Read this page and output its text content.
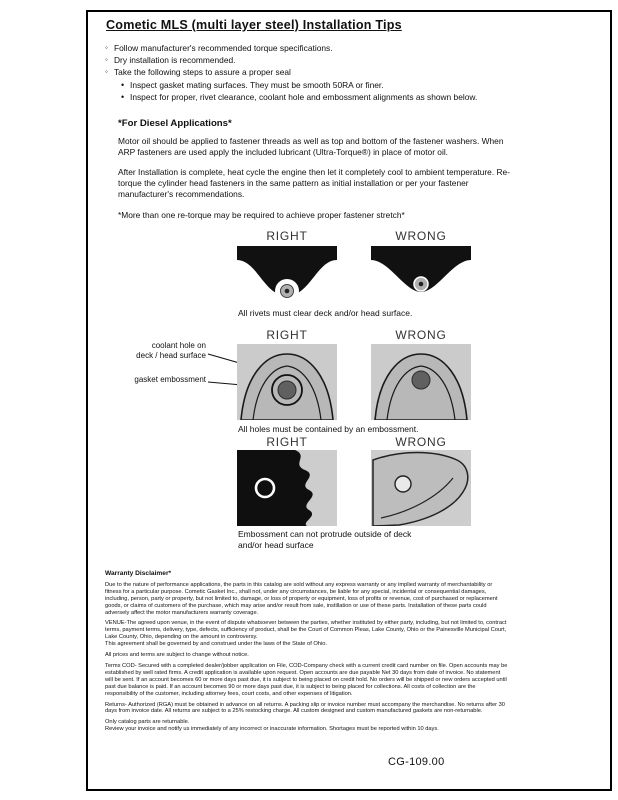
Cometic MLS (multi layer steel) Installation Tips
◦ Follow manufacturer's recommended torque specifications.
◦ Dry installation is recommended.
◦ Take the following steps to assure a proper seal
• Inspect gasket mating surfaces. They must be smooth 50RA or finer.
• Inspect for proper, rivet clearance, coolant hole and embossment alignments as shown below.
*For Diesel Applications*

Motor oil should be applied to fastener threads as well as top and bottom of the fastener washers. When ARP fasteners are used apply the included lubricant (Ultra-Torque®) in place of motor oil.

After Installation is complete, heat cycle the engine then let it completely cool to ambient temperature. Re-torque the cylinder head fasteners in the same pattern as initial installation or per your fastener manufacturer's recommendations.

*More than one re-torque may be required to achieve proper fastener stretch*

RIGHT	WRONG
All rivets must clear deck and/or head surface.
RIGHT	WRONG
coolant hole on
deck / head surface
gasket embossment
All holes must be contained by an embossment.
RIGHT	WRONG
Embossment can not protrude outside of deck
and/or head surface
Warranty Disclaimer*

Due to the nature of performance applications, the parts in this catalog are sold without any express warranty or any implied warranty of merchantability or fitness for a particular purpose. Cometic Gasket Inc., shall not, under any circumstances, be liable for any special, incidental or consequential damages, including, person, party or property, but not limited to, damage, or loss of property or equipment, loss of profits or revenue, cost of purchased or replacement goods, or claims of customers of the purchase, which may arise and/or result from sale, instillation or use of these parts. Installation of these parts could adversely affect the motor manufacturers warranty coverage.

VENUE-The agreed upon venue, in the event of dispute whatsoever between the parties, whether instituted by either party, including, but not limited to, contract terms, payment terms, delivery, type, defects, sufficiency of product, shall be the Court of Common Pleas, Lake County, Ohio or the Painesville Municipal Court, Lake County, Ohio, depending on the amount in controversy.

This agreement shall be governed by and construed under the laws of the State of Ohio.

All prices and terms are subject to change without notice.

Terms COD- Secured with a completed dealer/jobber application on File, COD-Company check with a current credit card number on file. Open accounts may be established by well rated firms. A credit application is available upon request. Open accounts are due payable Net 30 days from date of invoice. No statement will be sent. If an account becomes 60 or more days past due, it is subject to being placed on credit hold. No orders will be shipped or new orders accepted until past due balance is paid. If an account becomes 90 or more days past due, it is subject to being placed for collections. All costs of collection are the responsibility of the customer, including attorney fees, court costs, and other expenses of litigation.

Returns- Authorized (RGA) must be obtained in advance on all returns. A packing slip or invoice number must accompany the merchandise. No returns after 30 days from invoice date. All returns are subject to a 25% restocking charge. All custom designed and custom manufactured gaskets are non-returnable.

Only catalog parts are returnable.

Review your invoice and notify us immediately of any incorrect or inaccurate information. Shortages must be reported within 10 days.

CG-109.00
